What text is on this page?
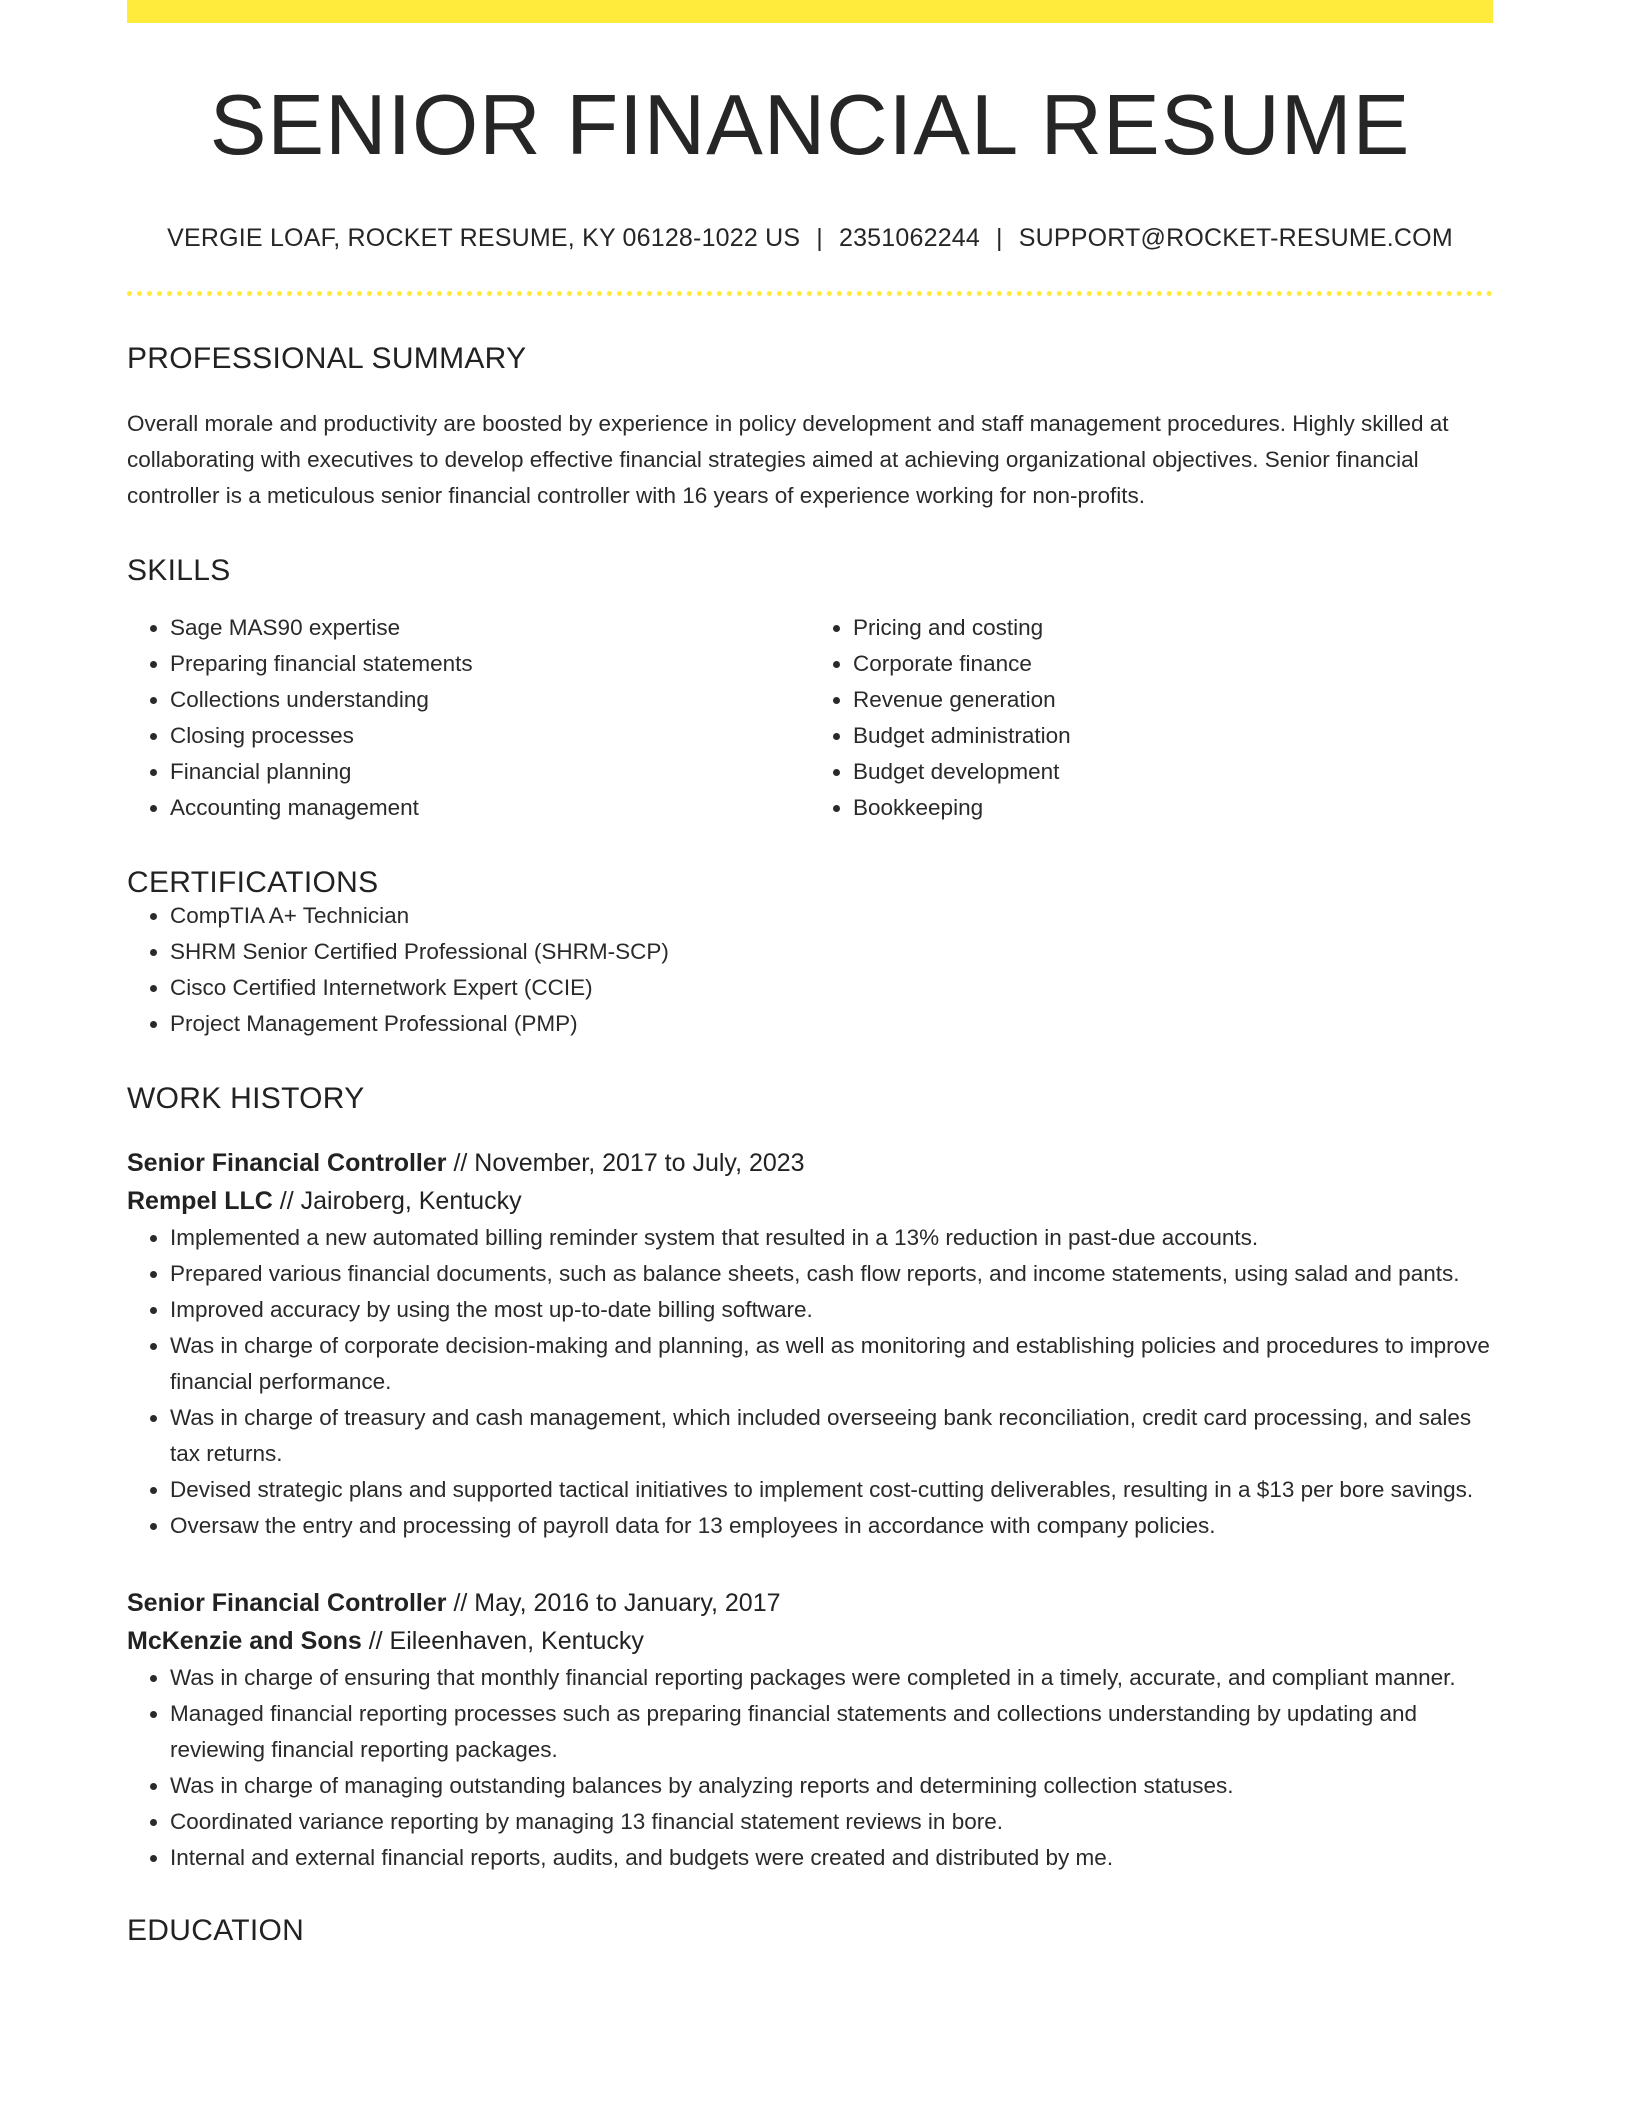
SENIOR FINANCIAL RESUME
VERGIE LOAF, ROCKET RESUME, KY 06128-1022 US | 2351062244 | SUPPORT@ROCKET-RESUME.COM
PROFESSIONAL SUMMARY

Overall morale and productivity are boosted by experience in policy development and staff management procedures. Highly skilled at collaborating with executives to develop effective financial strategies aimed at achieving organizational objectives. Senior financial controller is a meticulous senior financial controller with 16 years of experience working for non-profits.

SKILLS
• Sage MAS90 expertise
• Preparing financial statements
• Collections understanding
• Closing processes
• Financial planning
• Accounting management
• Pricing and costing
• Corporate finance
• Revenue generation
• Budget administration
• Budget development
• Bookkeeping
CERTIFICATIONS
• CompTIA A+ Technician
• SHRM Senior Certified Professional (SHRM-SCP)
• Cisco Certified Internetwork Expert (CCIE)
• Project Management Professional (PMP)
WORK HISTORY
Senior Financial Controller // November, 2017 to July, 2023
Rempel LLC // Jairoberg, Kentucky
• Implemented a new automated billing reminder system that resulted in a 13% reduction in past-due accounts.
• Prepared various financial documents, such as balance sheets, cash flow reports, and income statements, using salad and pants.
• Improved accuracy by using the most up-to-date billing software.
• Was in charge of corporate decision-making and planning, as well as monitoring and establishing policies and procedures to improve financial performance.
• Was in charge of treasury and cash management, which included overseeing bank reconciliation, credit card processing, and sales tax returns.
• Devised strategic plans and supported tactical initiatives to implement cost-cutting deliverables, resulting in a $13 per bore savings.
• Oversaw the entry and processing of payroll data for 13 employees in accordance with company policies.
Senior Financial Controller // May, 2016 to January, 2017
McKenzie and Sons // Eileenhaven, Kentucky
• Was in charge of ensuring that monthly financial reporting packages were completed in a timely, accurate, and compliant manner.
• Managed financial reporting processes such as preparing financial statements and collections understanding by updating and reviewing financial reporting packages.
• Was in charge of managing outstanding balances by analyzing reports and determining collection statuses.
• Coordinated variance reporting by managing 13 financial statement reviews in bore.
• Internal and external financial reports, audits, and budgets were created and distributed by me.
EDUCATION
